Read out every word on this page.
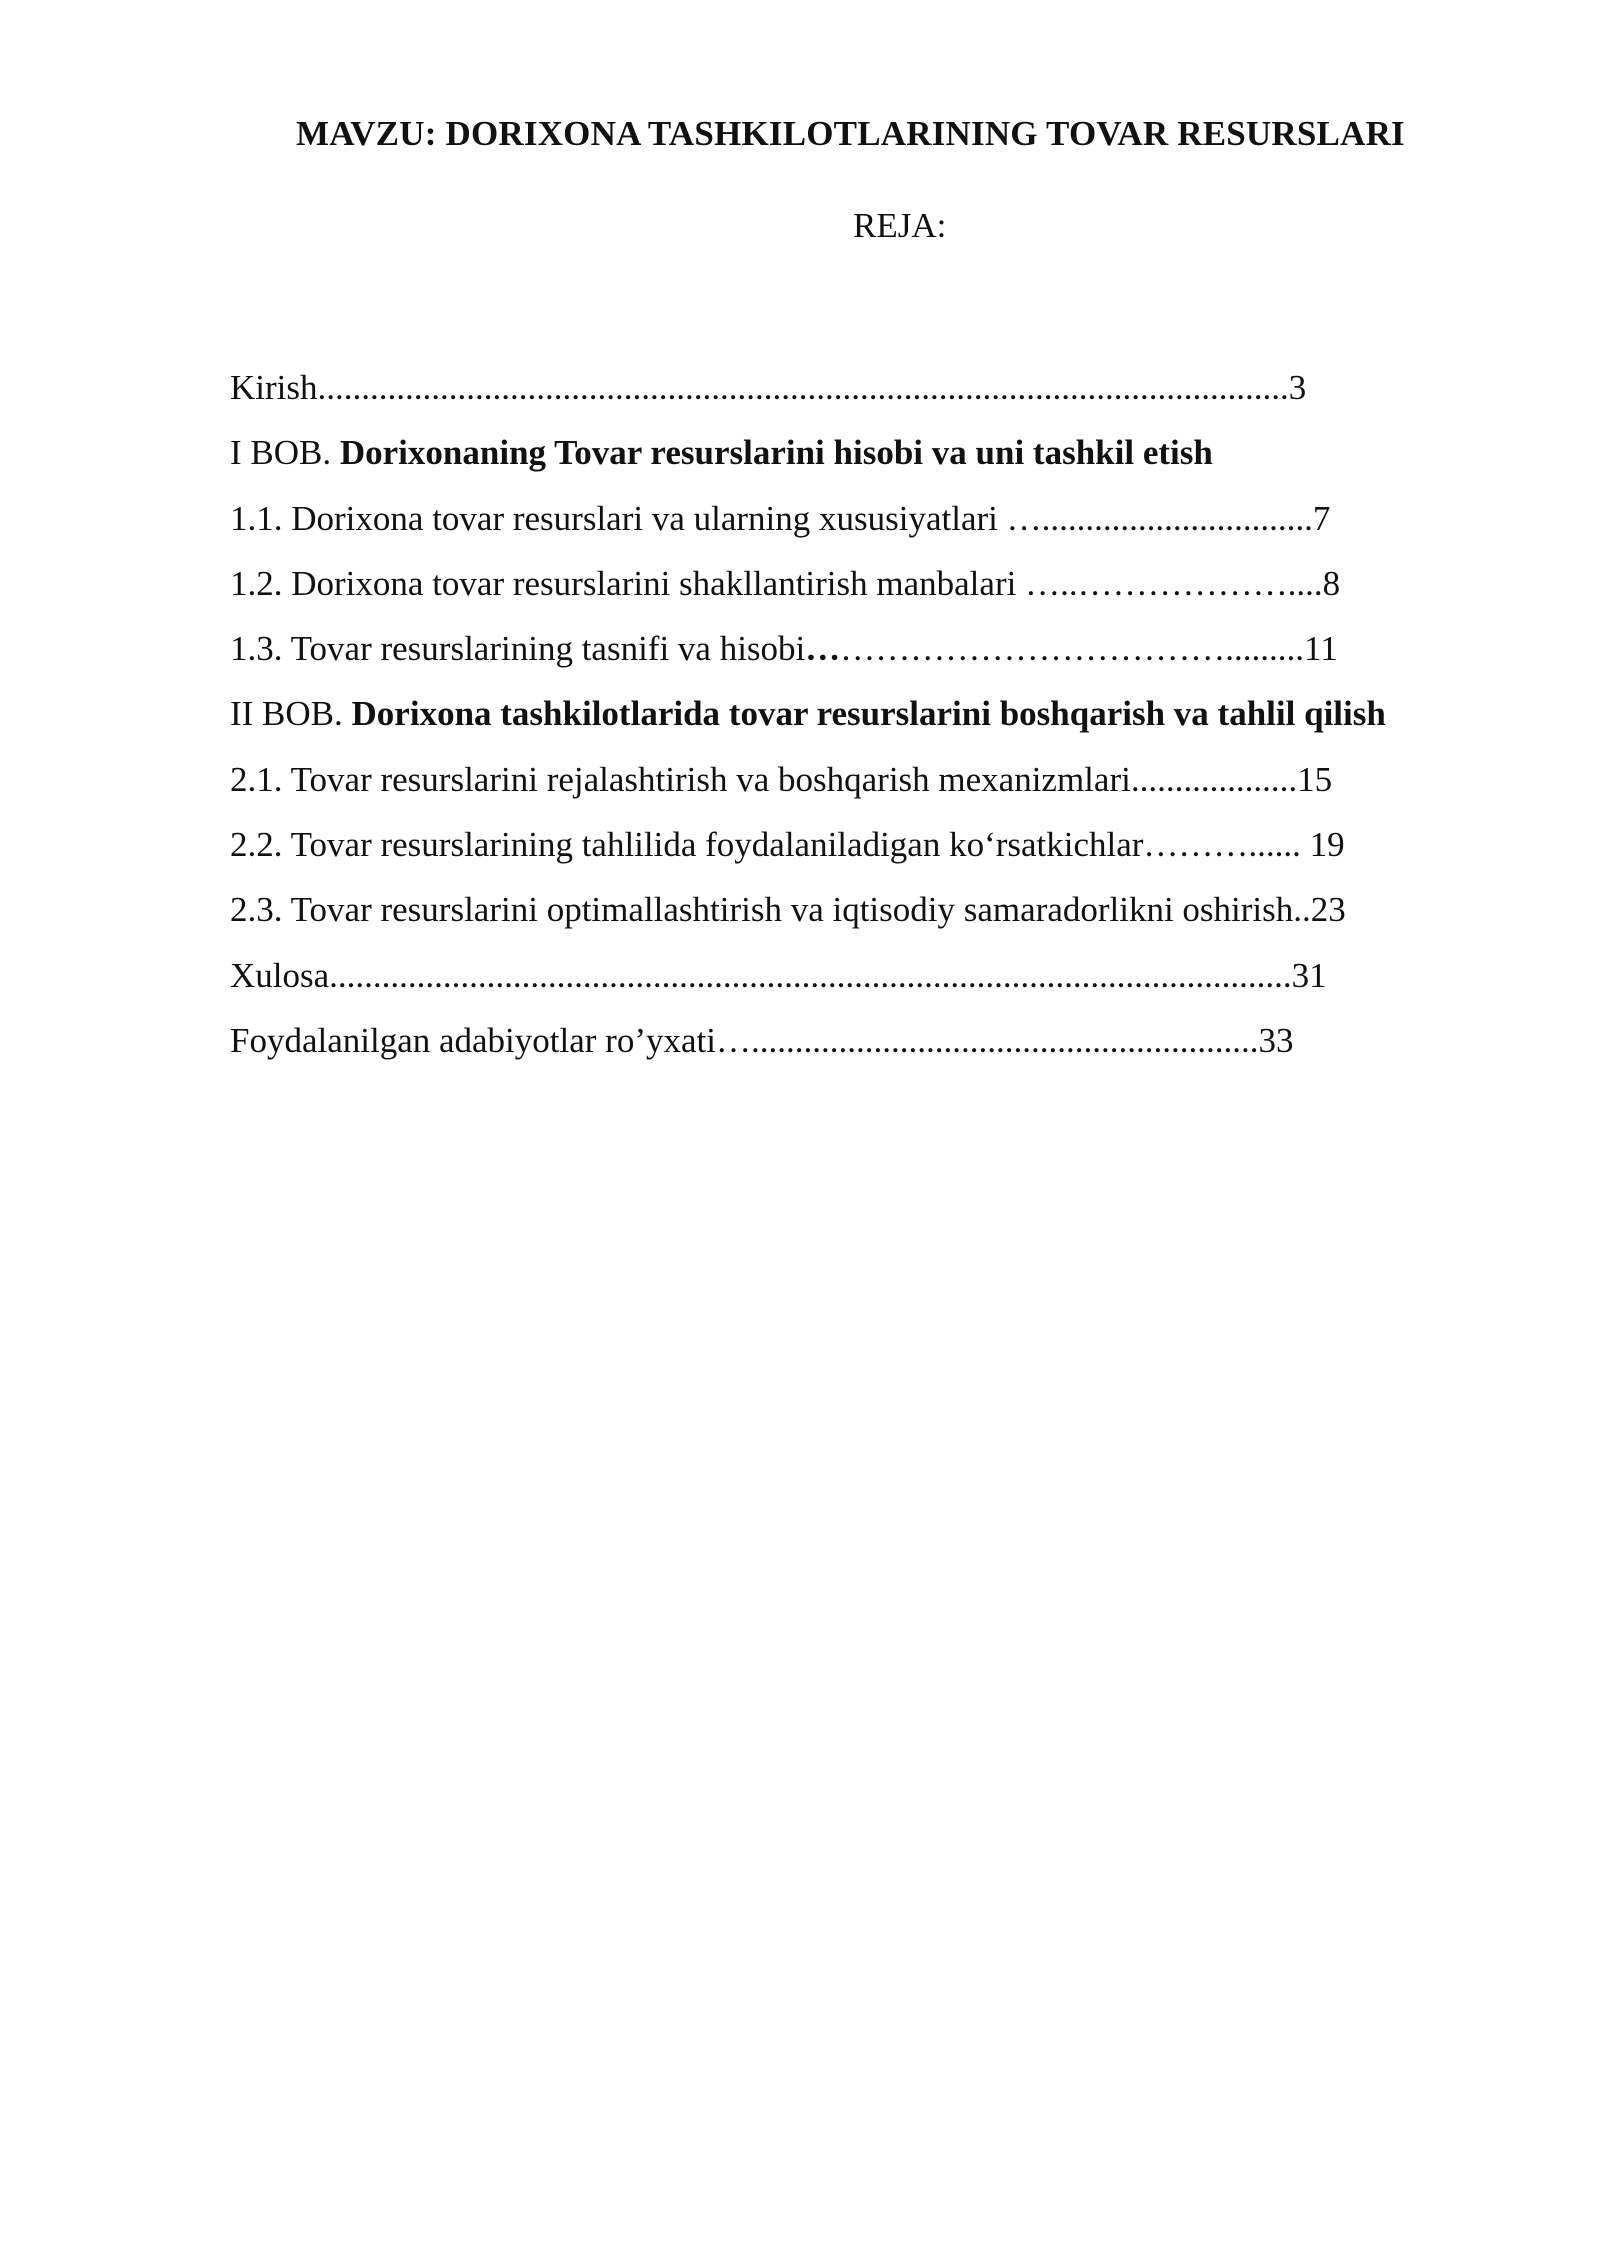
MAVZU: DORIXONA TASHKILOTLARINING TOVAR RESURSLARI
REJA:
Kirish...............................................................................................................3
I BOB. Dorixonaning Tovar resurslarini hisobi va uni tashkil etish
1.1. Dorixona tovar resurslari va ularning xususiyatlari …...............................7
1.2. Dorixona tovar resurslarini shakllantirish manbalari …..………………....8
1.3. Tovar resurslarining tasnifi va hisobi……………………………….........11
II BOB. Dorixona tashkilotlarida tovar resurslarini boshqarish va tahlil qilish
2.1. Tovar resurslarini rejalashtirish va boshqarish mexanizmlari...................15
2.2. Tovar resurslarining tahlilida foydalaniladigan koʻrsatkichlar………...... 19
2.3. Tovar resurslarini optimallashtirish va iqtisodiy samaradorlikni oshirish..23
Xulosa..............................................................................................................31
Foydalanilgan adabiyotlar ro’yxati…..........................................................33
